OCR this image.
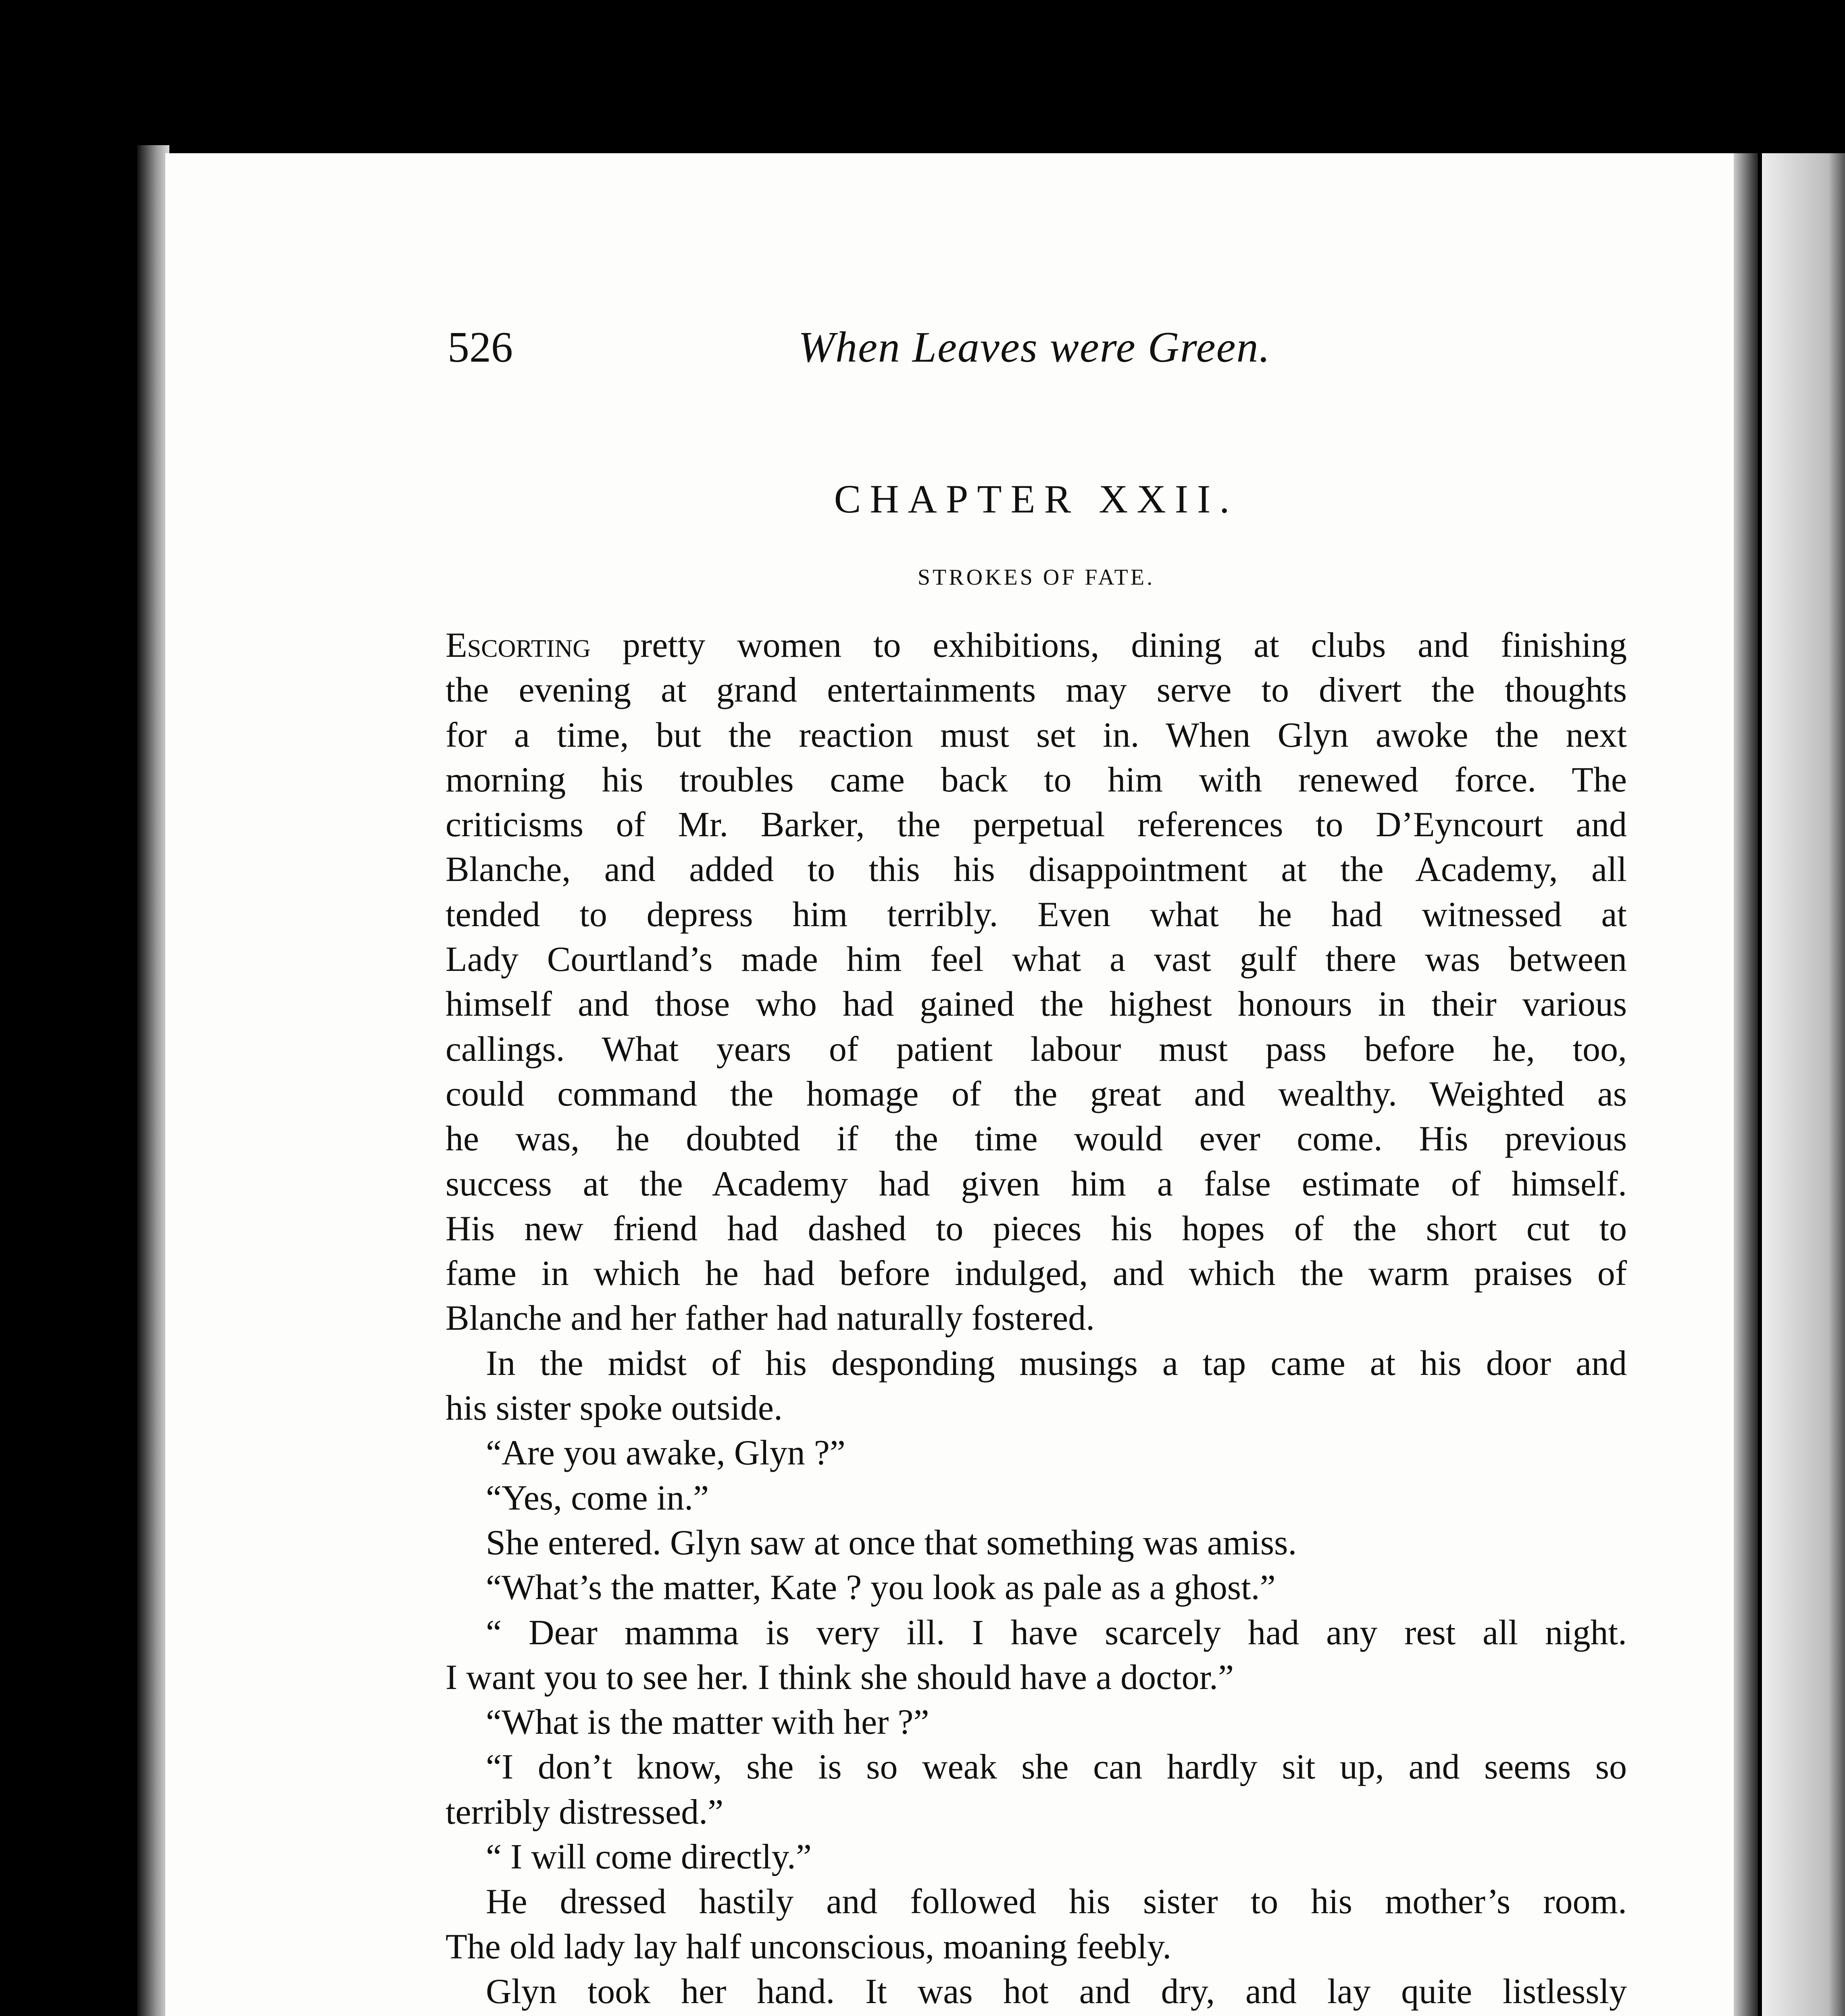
526	When Leaves were Green.
CHAPTER XXII.
STROKES OF FATE.
Escorting pretty women to exhibitions, dining at clubs and finishing
the evening at grand entertainments may serve to divert the thoughts
for a time, but the reaction must set in. When Glyn awoke the next
morning his troubles came back to him with renewed force. The
criticisms of Mr. Barker, the perpetual references to D’Eyncourt and
Blanche, and added to this his disappointment at the Academy, all
tended to depress him terribly. Even what he had witnessed at
Lady Courtland’s made him feel what a vast gulf there was between
himself and those who had gained the highest honours in their various
callings. What years of patient labour must pass before he, too,
could command the homage of the great and wealthy. Weighted as
he was, he doubted if the time would ever come. His previous
success at the Academy had given him a false estimate of himself.
His new friend had dashed to pieces his hopes of the short cut to
fame in which he had before indulged, and which the warm praises of
Blanche and her father had naturally fostered.
In the midst of his desponding musings a tap came at his door and
his sister spoke outside.
“Are you awake, Glyn ?”
“Yes, come in.”
She entered. Glyn saw at once that something was amiss.
“What’s the matter, Kate ? you look as pale as a ghost.”
“ Dear mamma is very ill. I have scarcely had any rest all night.
I want you to see her. I think she should have a doctor.”
“What is the matter with her ?”
“I don’t know, she is so weak she can hardly sit up, and seems so
terribly distressed.”
“ I will come directly.”
He dressed hastily and followed his sister to his mother’s room.
The old lady lay half unconscious, moaning feebly.
Glyn took her hand. It was hot and dry, and lay quite listlessly
